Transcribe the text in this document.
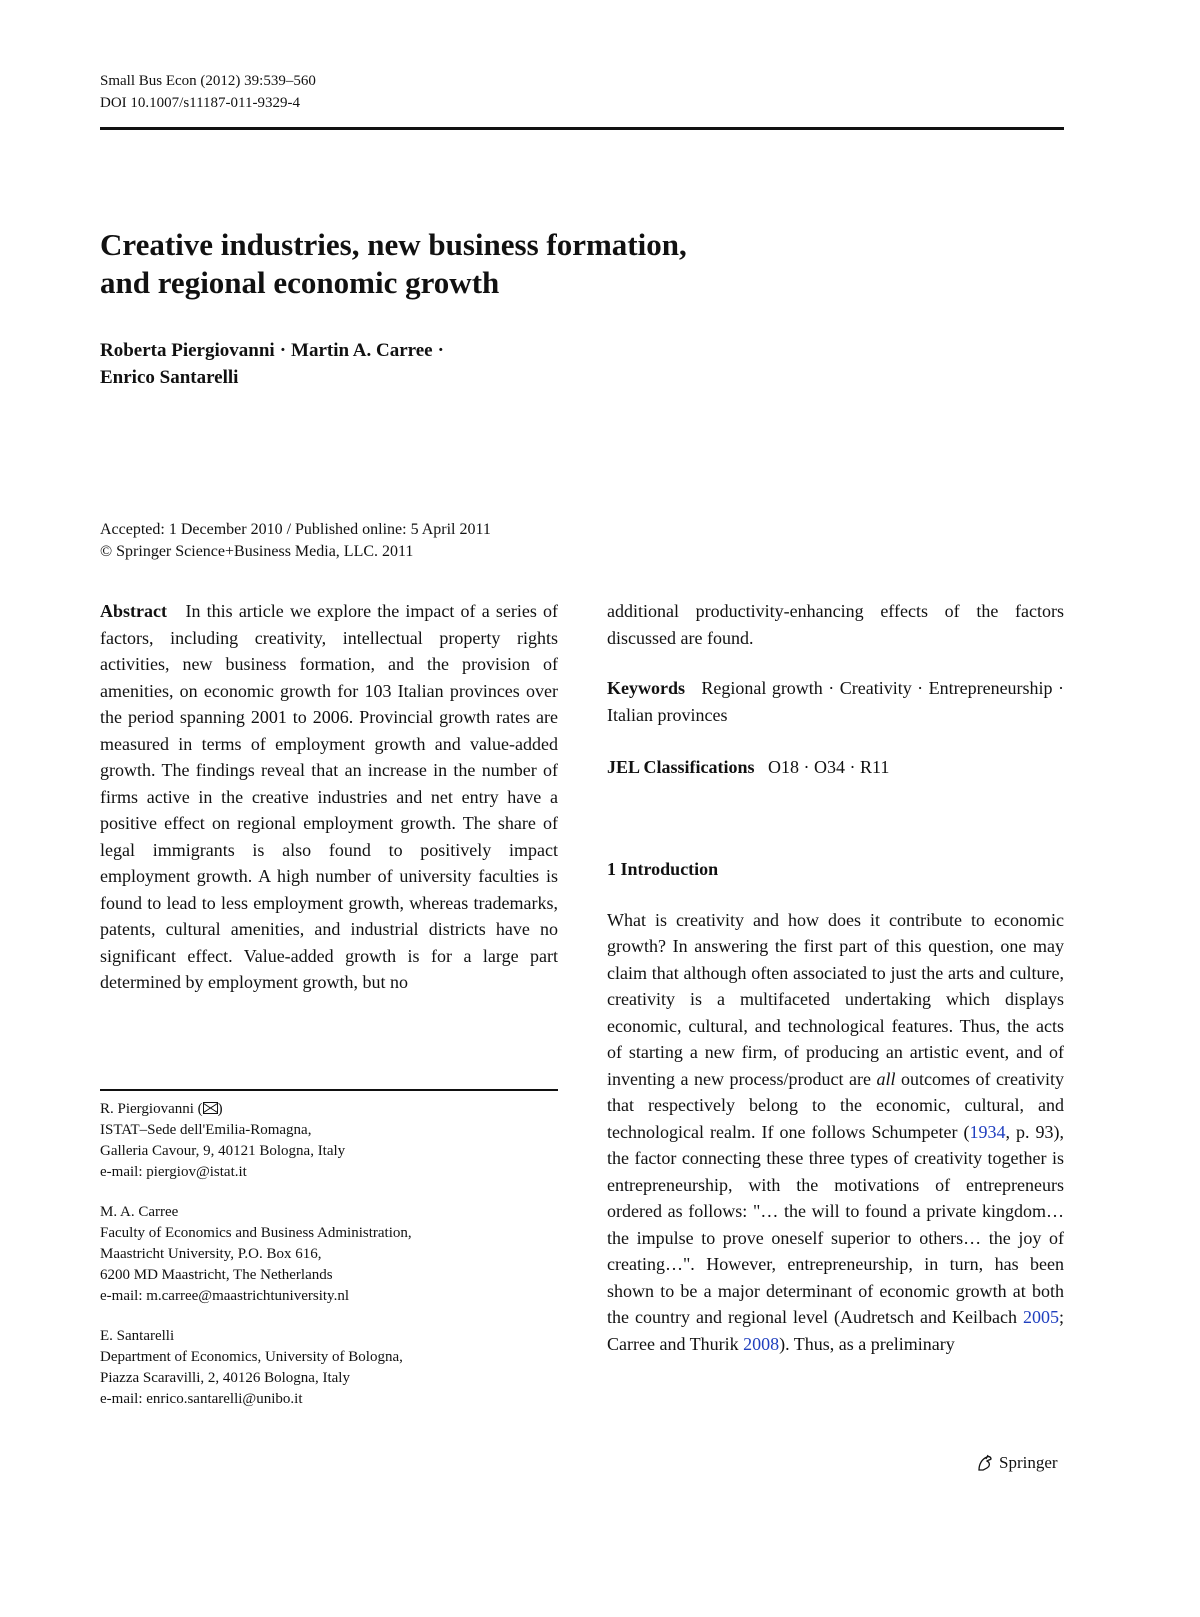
Small Bus Econ (2012) 39:539–560
DOI 10.1007/s11187-011-9329-4
Creative industries, new business formation,
and regional economic growth
Roberta Piergiovanni · Martin A. Carree ·
Enrico Santarelli
Accepted: 1 December 2010 / Published online: 5 April 2011
© Springer Science+Business Media, LLC. 2011

Abstract In this article we explore the impact of a series of factors, including creativity, intellectual property rights activities, new business formation, and the provision of amenities, on economic growth for 103 Italian provinces over the period spanning 2001 to 2006. Provincial growth rates are measured in terms of employment growth and value-added growth. The findings reveal that an increase in the number of firms active in the creative industries and net entry have a positive effect on regional employment growth. The share of legal immigrants is also found to positively impact employment growth. A high number of university faculties is found to lead to less employment growth, whereas trademarks, patents, cultural amenities, and industrial districts have no significant effect. Value-added growth is for a large part determined by employment growth, but no

R. Piergiovanni ( )
ISTAT–Sede dell'Emilia-Romagna,
Galleria Cavour, 9, 40121 Bologna, Italy
e-mail: piergiov@istat.it
M. A. Carree
Faculty of Economics and Business Administration,
Maastricht University, P.O. Box 616,
6200 MD Maastricht, The Netherlands
e-mail: m.carree@maastrichtuniversity.nl
E. Santarelli
Department of Economics, University of Bologna,
Piazza Scaravilli, 2, 40126 Bologna, Italy
e-mail: enrico.santarelli@unibo.it

additional productivity-enhancing effects of the factors discussed are found.

Keywords Regional growth · Creativity · Entrepreneurship · Italian provinces

JEL Classifications O18 · O34 · R11

1 Introduction

What is creativity and how does it contribute to economic growth? In answering the first part of this question, one may claim that although often associated to just the arts and culture, creativity is a multifaceted undertaking which displays economic, cultural, and technological features. Thus, the acts of starting a new firm, of producing an artistic event, and of inventing a new process/product are all outcomes of creativity that respectively belong to the economic, cultural, and technological realm. If one follows Schumpeter (1934, p. 93), the factor connecting these three types of creativity together is entrepreneurship, with the motivations of entrepreneurs ordered as follows: "… the will to found a private kingdom… the impulse to prove oneself superior to others… the joy of creating…". However, entrepreneurship, in turn, has been shown to be a major determinant of economic growth at both the country and regional level (Audretsch and Keilbach 2005; Carree and Thurik 2008). Thus, as a preliminary

Springer
